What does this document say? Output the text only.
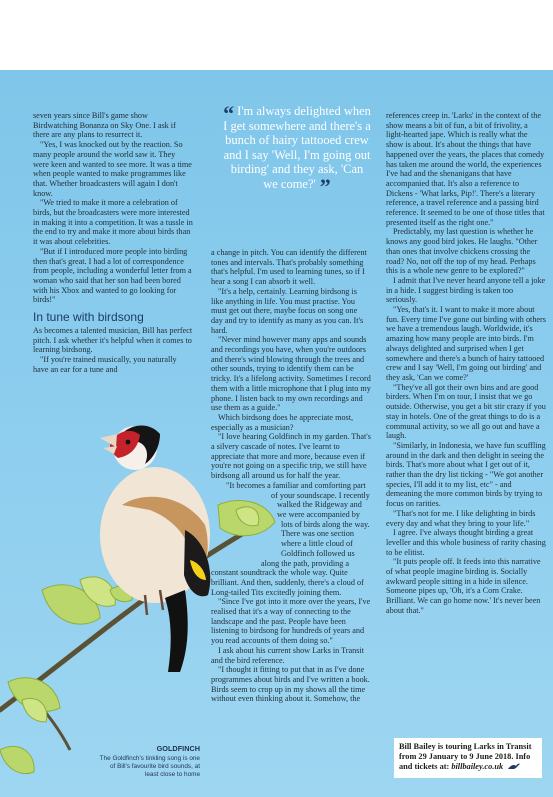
seven years since Bill's game show Birdwatching Bonanza on Sky One. I ask if there are any plans to resurrect it.

"Yes, I was knocked out by the reaction. So many people around the world saw it. They were keen and wanted to see more. It was a time when people wanted to make programmes like that. Whether broadcasters will again I don't know.

"We tried to make it more a celebration of birds, but the broadcasters were more interested in making it into a competition. It was a tussle in the end to try and make it more about birds than it was about celebrities.

"But if I introduced more people into birding then that's great. I had a lot of correspondence from people, including a wonderful letter from a woman who said that her son had been bored with his Xbox and wanted to go looking for birds!"

In tune with birdsong

As becomes a talented musician, Bill has perfect pitch. I ask whether it's helpful when it comes to learning birdsong.

"If you're trained musically, you naturally have an ear for a tune and

“ I'm always delighted when I get somewhere and there's a bunch of hairy tattooed crew and I say 'Well, I'm going out birding' and they ask, 'Can we come?' ”

a change in pitch. You can identify the different tones and intervals. That's probably something that's helpful. I'm used to learning tunes, so if I hear a song I can absorb it well.

"It's a help, certainly. Learning birdsong is like anything in life. You must practise. You must get out there, maybe focus on song one day and try to identify as many as you can. It's hard.

"Never mind however many apps and sounds and recordings you have, when you're outdoors and there's wind blowing through the trees and other sounds, trying to identify them can be tricky. It's a lifelong activity. Sometimes I record them with a little microphone that I plug into my phone. I listen back to my own recordings and use them as a guide."

Which birdsong does he appreciate most, especially as a musician?

"I love hearing Goldfinch in my garden. That's a silvery cascade of notes. I've learnt to appreciate that more and more, because even if you're not going on a specific trip, we still have birdsong all around us for half the year.

"It becomes a familiar and comforting part of your soundscape. I recently walked the Ridgeway and we were accompanied by lots of birds along the way. There was one section where a little cloud of Goldfinch followed us along the path, providing a constant soundtrack the whole way. Quite brilliant. And then, suddenly, there's a cloud of Long-tailed Tits excitedly joining them.

"Since I've got into it more over the years, I've realised that it's a way of connecting to the landscape and the past. People have been listening to birdsong for hundreds of years and you read accounts of them doing so."

I ask about his current show Larks in Transit and the bird reference.

"I thought it fitting to put that in as I've done programmes about birds and I've written a book. Birds seem to crop up in my shows all the time without even thinking about it. Somehow, the

references creep in. 'Larks' in the context of the show means a bit of fun, a bit of frivolity, a light-hearted jape. Which is really what the show is about. It's about the things that have happened over the years, the places that comedy has taken me around the world, the experiences I've had and the shenanigans that have accompanied that. It's also a reference to Dickens - 'What larks, Pip!'. There's a literary reference, a travel reference and a passing bird reference. It seemed to be one of those titles that presented itself as the right one."

Predictably, my last question is whether he knows any good bird jokes. He laughs. "Other than ones that involve chickens crossing the road? No, not off the top of my head. Perhaps this is a whole new genre to be explored?"

I admit that I've never heard anyone tell a joke in a hide. I suggest birding is taken too seriously.

"Yes, that's it. I want to make it more about fun. Every time I've gone out birding with others we have a tremendous laugh. Worldwide, it's amazing how many people are into birds. I'm always delighted and surprised when I get somewhere and there's a bunch of hairy tattooed crew and I say 'Well, I'm going out birding' and they ask, 'Can we come?'

"They've all got their own bins and are good birders. When I'm on tour, I insist that we go outside. Otherwise, you get a bit stir crazy if you stay in hotels. One of the great things to do is a communal activity, so we all go out and have a laugh.

"Similarly, in Indonesia, we have fun scuffling around in the dark and then delight in seeing the birds. That's more about what I get out of it, rather than the dry list ticking - "We got another species, I'll add it to my list, etc" - and demeaning the more common birds by trying to focus on rarities.

"That's not for me. I like delighting in birds every day and what they bring to your life."

I agree. I've always thought birding a great leveller and this whole business of rarity chasing to be elitist.

"It puts people off. It feeds into this narrative of what people imagine birding is. Socially awkward people sitting in a hide in silence. Someone pipes up, 'Oh, it's a Corn Crake. Brilliant. We can go home now.' It's never been about that."

GOLDFINCH
The Goldfinch's tinkling song is one of Bill's favourite bird sounds, at least close to home
Bill Bailey is touring Larks in Transit from 29 January to 9 June 2018. Info and tickets at: billbailey.co.uk
